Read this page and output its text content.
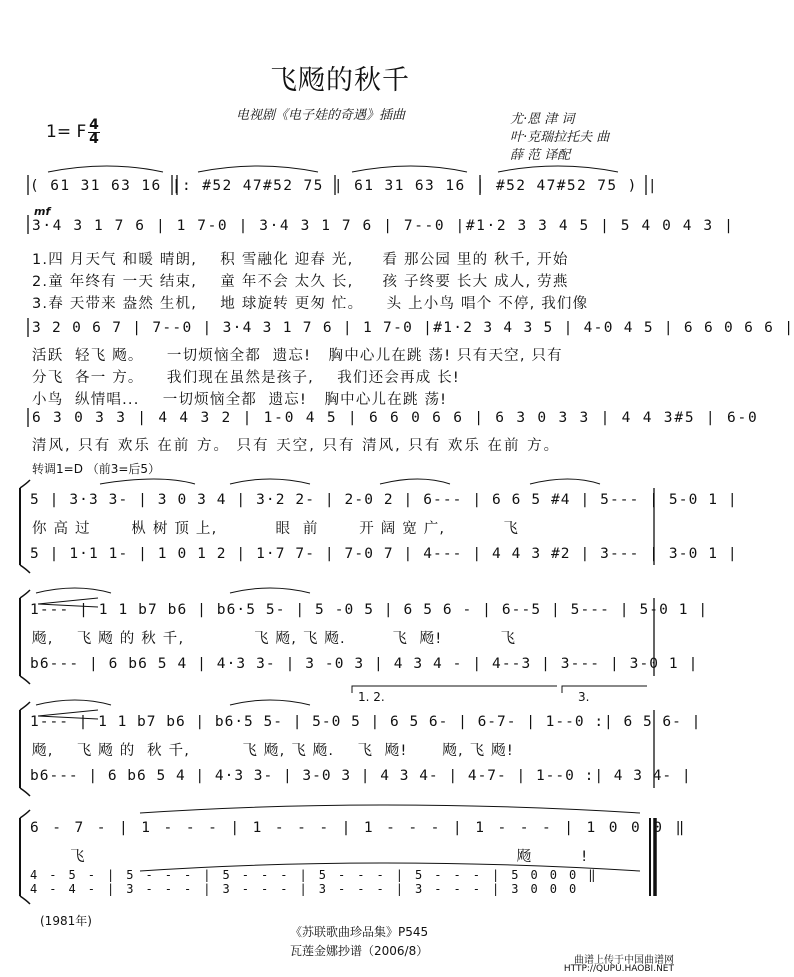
飞飏的秋千
电视剧《电子娃的奇遇》插曲	尤·恩 津 词
叶·克瑞拉托夫 曲
薛 范 译配
1= F $\frac{4}{4}$
( 61 31 63 16 |: #52 47#52 75 | 61 31 63 16 | #52 47#52 75 ) |
mf
3·4 3 1 7 6 | 1 7-0 | 3·4 3 1 7 6 | 7--0 |#1·2 3 3 4 5 | 5 4 0 4 3 |
1.四 月天气 和暖 晴朗,    积 雪融化 迎春 光,     看 那公园 里的 秋千, 开始
2.童 年终有 一天 结束,    童 年不会 太久 长,     孩 子终要 长大 成人, 劳燕
3.春 天带来 盎然 生机,    地 球旋转 更匆 忙。    头 上小鸟 唱个 不停, 我们像
3 2 0 6 7 | 7--0 | 3·4 3 1 7 6 | 1 7-0 |#1·2 3 4 3 5 | 4-0 4 5 | 6 6 0 6 6 |
活跃  轻飞 飏。    一切烦恼全都  遗忘!   胸中心儿在跳 荡! 只有天空, 只有
分飞  各一 方。    我们现在虽然是孩子,    我们还会再成 长!
小鸟  纵情唱...    一切烦恼全都  遗忘!   胸中心儿在跳 荡!
6 3 0 3 3 | 4 4 3 2 | 1-0 4 5 | 6 6 0 6 6 | 6 3 0 3 3 | 4 4 3#5 | 6-0
清风, 只有 欢乐 在前 方。 只有 天空, 只有 清风, 只有 欢乐 在前 方。
转调1=D （前3=后5）
5 | 3·3 3- | 3 0 3 4 | 3·2 2- | 2-0 2 | 6--- | 6 6 5 #4 | 5--- | 5-0 1 |
你 高 过       枞 树 顶 上,          眼  前       开 阔 宽 广,          飞
5 | 1·1 1- | 1 0 1 2 | 1·7 7- | 7-0 7 | 4--- | 4 4 3 #2 | 3--- | 3-0 1 |
1--- | 1 1 b7 b6 | b6·5 5- | 5 -0 5 | 6 5 6 - | 6--5 | 5--- | 5-0 1 |
飏,    飞 飏 的 秋 千,            飞 飏, 飞 飏.        飞  飏!          飞
b6--- | 6 b6 5 4 | 4·3 3- | 3 -0 3 | 4 3 4 - | 4--3 | 3--- | 3-0 1 |
1. 2.	3.
1--- | 1 1 b7 b6 | b6·5 5- | 5-0 5 | 6 5 6- | 6-7- | 1--0 :| 6 5 6- |
飏,    飞 飏 的  秋 千,         飞 飏, 飞 飏.    飞  飏!      飏, 飞 飏!
b6--- | 6 b6 5 4 | 4·3 3- | 3-0 3 | 4 3 4- | 4-7- | 1--0 :| 4 3 4- |
6 - 7 - | 1 - - - | 1 - - - | 1 - - - | 1 - - - | 1 0 0 0 ‖
飞       飏!
4 - 5 - | 5 - - - | 5 - - - | 5 - - - | 5 - - - | 5 0 0 0 ‖
4 - 4 - | 3 - - - | 3 - - - | 3 - - - | 3 - - - | 3 0 0 0
(1981年)
《苏联歌曲珍品集》P545
瓦莲金娜抄谱（2006/8）
曲谱上传于中国曲谱网
HTTP://QUPU.HAOBI.NET
